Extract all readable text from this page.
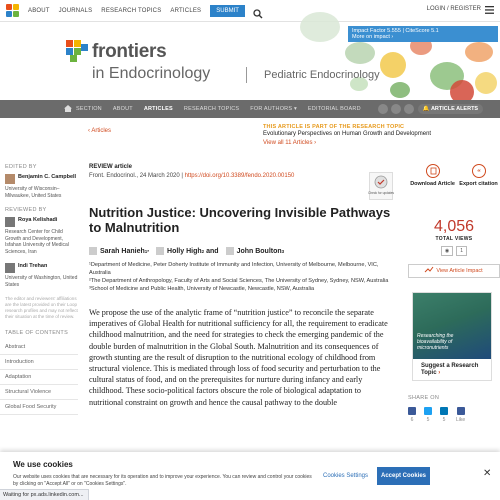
ABOUT JOURNALS RESEARCH TOPICS ARTICLES	SUBMIT	LOGIN / REGISTER
Impact Factor 5.555 | CiteScore 5.1
More on impact ›
frontiers
in Endocrinology	Pediatric Endocrinology
SECTION ABOUT ARTICLES RESEARCH TOPICS FOR AUTHORS ▾ EDITORIAL BOARD	🔔 ARTICLE ALERTS
‹ Articles
THIS ARTICLE IS PART OF THE RESEARCH TOPIC
Evolutionary Perspectives on Human Growth and Development
View all 11 Articles ›
EDITED BY
Benjamin C. Campbell
University of Wisconsin–Milwaukee, United States
REVIEWED BY
Roya Kelishadi
Research Center for Child Growth and Development, Isfahan University of Medical Sciences, Iran
Indi Trehan
University of Washington, United States
The editor and reviewers' affiliations are the latest provided on their Loop research profiles and may not reflect their situation at the time of review.
TABLE OF CONTENTS
Abstract
Introduction
Adaptation
Structural Violence
Global Food Security
REVIEW article
Front. Endocrinol., 24 March 2020 | https://doi.org/10.3389/fendo.2020.00150
Check for updates
Nutrition Justice: Uncovering Invisible Pathways to Malnutrition
Sarah Hanieh 1*	Holly High 2
and	John Boulton 3
¹Department of Medicine, Peter Doherty Institute of Immunity and Infection, University of Melbourne, Melbourne, VIC, Australia
²The Department of Anthropology, Faculty of Arts and Social Sciences, The University of Sydney, Sydney, NSW, Australia
³School of Medicine and Public Health, University of Newcastle, Newcastle, NSW, Australia
We propose the use of the analytic frame of “nutrition justice” to reconcile the separate imperatives of Global Health for nutritional sufficiency for all, the requirement to eradicate childhood malnutrition, and the need for strategies to check the emerging pandemic of the double burden of malnutrition in the Global South. Malnutrition and its consequences of growth stunting are the result of disruption to the nutritional ecology of childhood from structural violence. This is mediated through loss of food security and perturbation to the cultural status of food, and on the prerequisites for nurture during infancy and early childhood. These socio-political factors obscure the role of biological adaptation to nutritional constraint on growth and hence the causal pathway to the double
Download Article
“
Export citation
4,056
TOTAL VIEWS
◉	1
View Article Impact
Researching the bioavailability of micronutrients
Suggest a Research Topic ›
SHARE ON
6	5	5	Like
We use cookies
Our website uses cookies that are necessary for its operation and to improve your experience. You can review and control your cookies by clicking on "Accept All" or on "Cookies Settings".
Cookies Settings	Accept Cookies	✕
Waiting for px.ads.linkedin.com...
